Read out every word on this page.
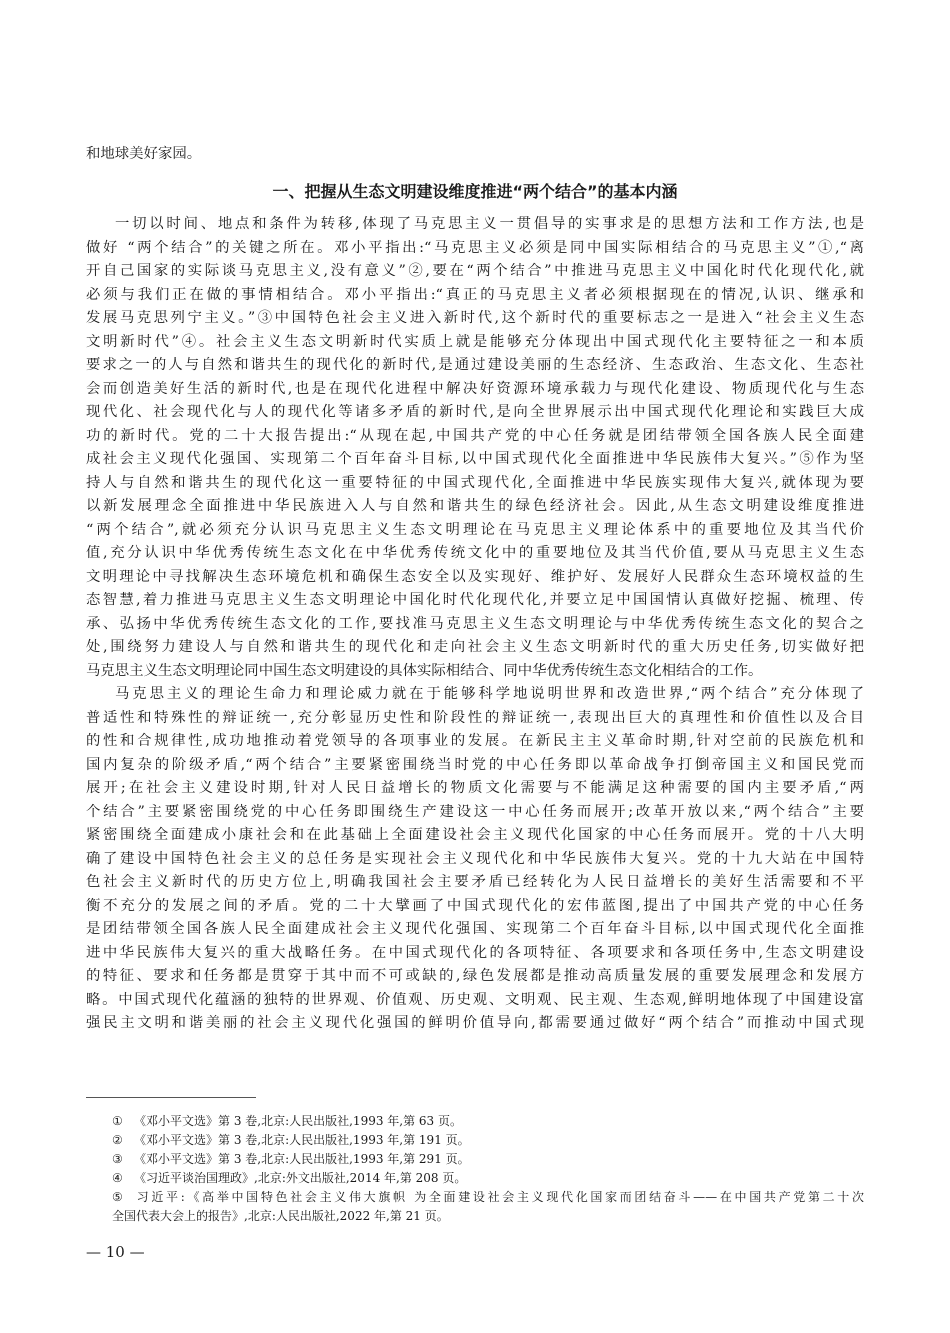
和地球美好家园。
一、把握从生态文明建设维度推进“两个结合”的基本内涵
一切以时间、地点和条件为转移,体现了马克思主义一贯倡导的实事求是的思想方法和工作方法,也是
做好 “两个结合”的关键之所在。邓小平指出:“马克思主义必须是同中国实际相结合的马克思主义”①,“离
开自己国家的实际谈马克思主义,没有意义”②,要在“两个结合”中推进马克思主义中国化时代化现代化,就
必须与我们正在做的事情相结合。邓小平指出:“真正的马克思主义者必须根据现在的情况,认识、继承和
发展马克思列宁主义。”③中国特色社会主义进入新时代,这个新时代的重要标志之一是进入“社会主义生态
文明新时代”④。社会主义生态文明新时代实质上就是能够充分体现出中国式现代化主要特征之一和本质
要求之一的人与自然和谐共生的现代化的新时代,是通过建设美丽的生态经济、生态政治、生态文化、生态社
会而创造美好生活的新时代,也是在现代化进程中解决好资源环境承载力与现代化建设、物质现代化与生态
现代化、社会现代化与人的现代化等诸多矛盾的新时代,是向全世界展示出中国式现代化理论和实践巨大成
功的新时代。党的二十大报告提出:“从现在起,中国共产党的中心任务就是团结带领全国各族人民全面建
成社会主义现代化强国、实现第二个百年奋斗目标,以中国式现代化全面推进中华民族伟大复兴。”⑤作为坚
持人与自然和谐共生的现代化这一重要特征的中国式现代化,全面推进中华民族实现伟大复兴,就体现为要
以新发展理念全面推进中华民族进入人与自然和谐共生的绿色经济社会。因此,从生态文明建设维度推进
“两个结合”,就必须充分认识马克思主义生态文明理论在马克思主义理论体系中的重要地位及其当代价
值,充分认识中华优秀传统生态文化在中华优秀传统文化中的重要地位及其当代价值,要从马克思主义生态
文明理论中寻找解决生态环境危机和确保生态安全以及实现好、维护好、发展好人民群众生态环境权益的生
态智慧,着力推进马克思主义生态文明理论中国化时代化现代化,并要立足中国国情认真做好挖掘、梳理、传
承、弘扬中华优秀传统生态文化的工作,要找准马克思主义生态文明理论与中华优秀传统生态文化的契合之
处,围绕努力建设人与自然和谐共生的现代化和走向社会主义生态文明新时代的重大历史任务,切实做好把
马克思主义生态文明理论同中国生态文明建设的具体实际相结合、同中华优秀传统生态文化相结合的工作。
马克思主义的理论生命力和理论威力就在于能够科学地说明世界和改造世界,“两个结合”充分体现了
普适性和特殊性的辩证统一,充分彰显历史性和阶段性的辩证统一,表现出巨大的真理性和价值性以及合目
的性和合规律性,成功地推动着党领导的各项事业的发展。在新民主主义革命时期,针对空前的民族危机和
国内复杂的阶级矛盾,“两个结合”主要紧密围绕当时党的中心任务即以革命战争打倒帝国主义和国民党而
展开;在社会主义建设时期,针对人民日益增长的物质文化需要与不能满足这种需要的国内主要矛盾,“两
个结合”主要紧密围绕党的中心任务即围绕生产建设这一中心任务而展开;改革开放以来,“两个结合”主要
紧密围绕全面建成小康社会和在此基础上全面建设社会主义现代化国家的中心任务而展开。党的十八大明
确了建设中国特色社会主义的总任务是实现社会主义现代化和中华民族伟大复兴。党的十九大站在中国特
色社会主义新时代的历史方位上,明确我国社会主要矛盾已经转化为人民日益增长的美好生活需要和不平
衡不充分的发展之间的矛盾。党的二十大擘画了中国式现代化的宏伟蓝图,提出了中国共产党的中心任务
是团结带领全国各族人民全面建成社会主义现代化强国、实现第二个百年奋斗目标,以中国式现代化全面推
进中华民族伟大复兴的重大战略任务。在中国式现代化的各项特征、各项要求和各项任务中,生态文明建设
的特征、要求和任务都是贯穿于其中而不可或缺的,绿色发展都是推动高质量发展的重要发展理念和发展方
略。中国式现代化蕴涵的独特的世界观、价值观、历史观、文明观、民主观、生态观,鲜明地体现了中国建设富
强民主文明和谐美丽的社会主义现代化强国的鲜明价值导向,都需要通过做好“两个结合”而推动中国式现
① 《邓小平文选》第 3 卷,北京:人民出版社,1993 年,第 63 页。
② 《邓小平文选》第 3 卷,北京:人民出版社,1993 年,第 191 页。
③ 《邓小平文选》第 3 卷,北京:人民出版社,1993 年,第 291 页。
④ 《习近平谈治国理政》,北京:外文出版社,2014 年,第 208 页。
⑤ 习近平:《高举中国特色社会主义伟大旗帜 为全面建设社会主义现代化国家而团结奋斗——在中国共产党第二十次
全国代表大会上的报告》,北京:人民出版社,2022 年,第 21 页。
— 10 —
